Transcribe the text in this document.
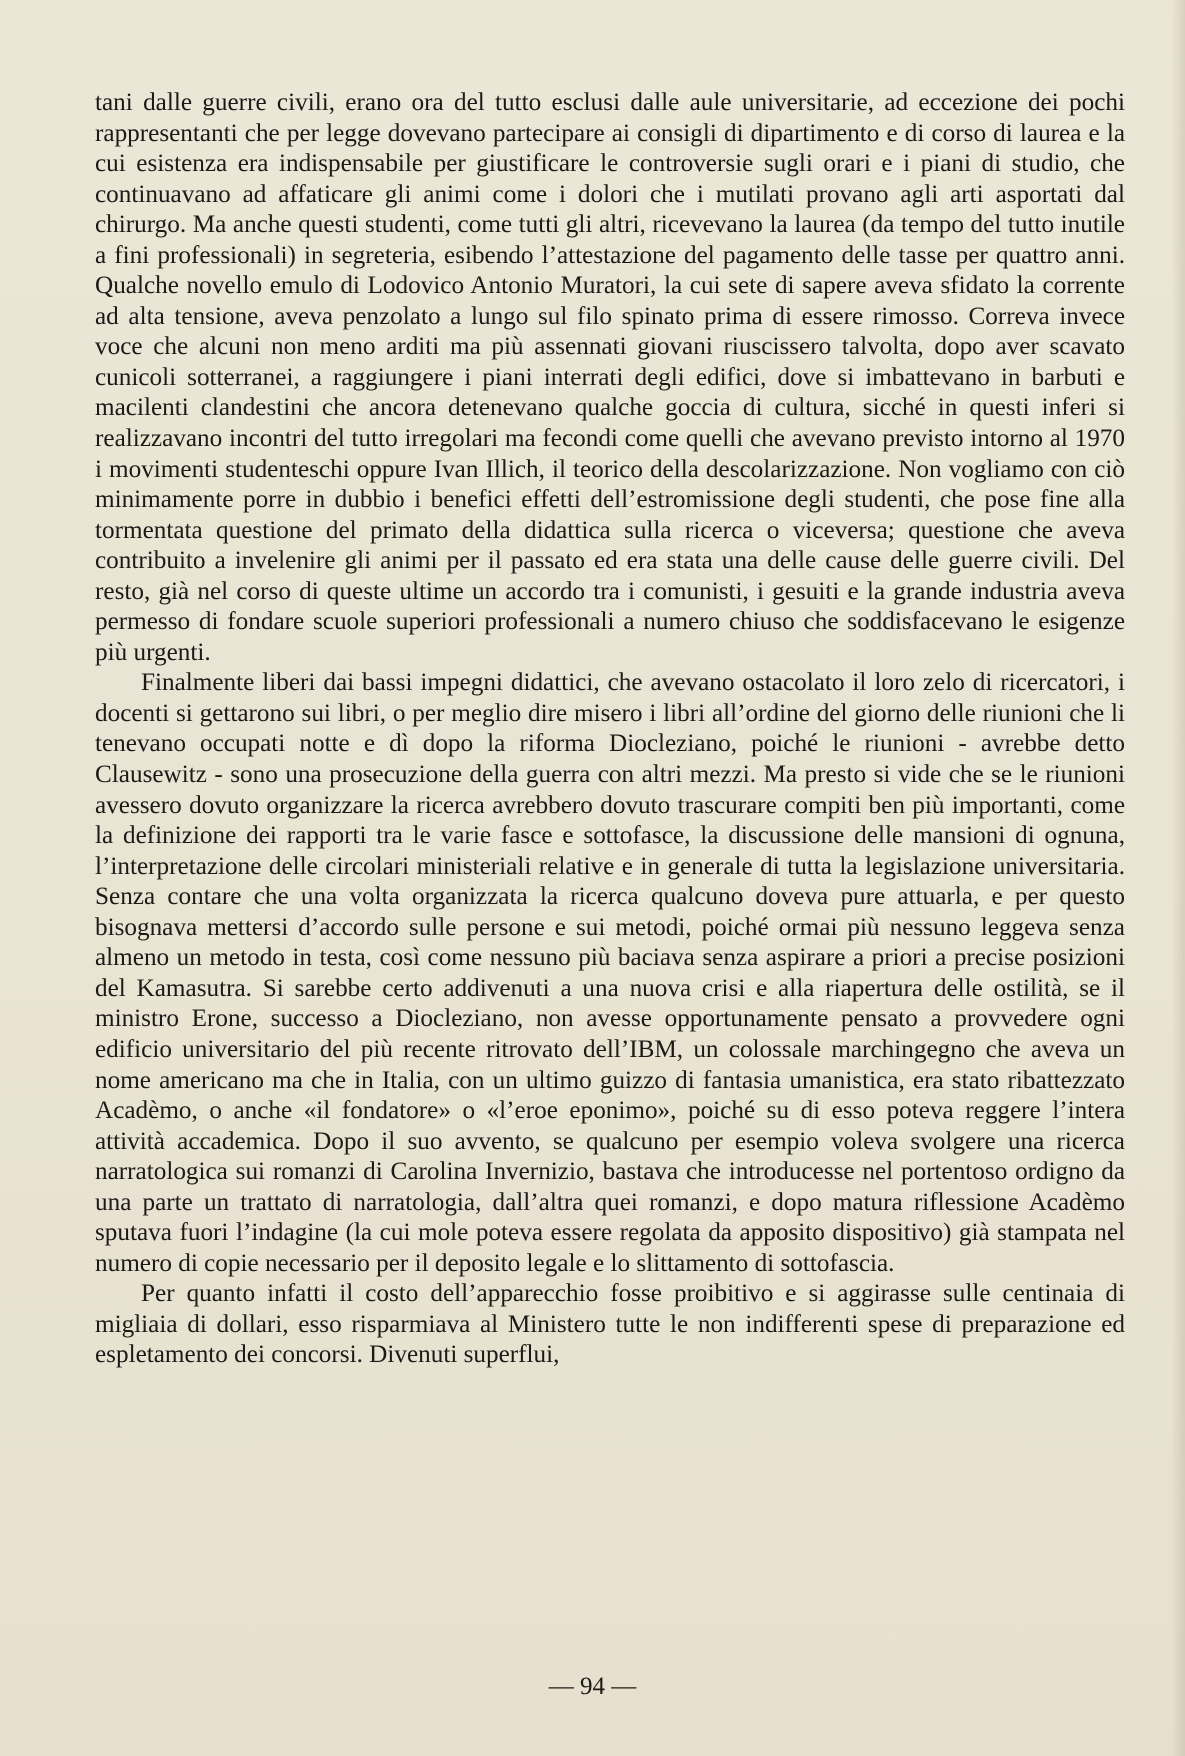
tani dalle guerre civili, erano ora del tutto esclusi dalle aule universitarie, ad eccezione dei pochi rappresentanti che per legge dovevano partecipare ai consigli di dipartimento e di corso di laurea e la cui esistenza era indispensabile per giustificare le controversie sugli orari e i piani di studio, che continuavano ad affaticare gli animi come i dolori che i mutilati provano agli arti asportati dal chirurgo. Ma anche questi studenti, come tutti gli altri, ricevevano la laurea (da tempo del tutto inutile a fini professionali) in segreteria, esibendo l’attestazione del pagamento delle tasse per quattro anni. Qualche novello emulo di Lodovico Antonio Muratori, la cui sete di sapere aveva sfidato la corrente ad alta tensione, aveva penzolato a lungo sul filo spinato prima di essere rimosso. Correva invece voce che alcuni non meno arditi ma più assennati giovani riuscissero talvolta, dopo aver scavato cunicoli sotterranei, a raggiungere i piani interrati degli edifici, dove si imbattevano in barbuti e macilenti clandestini che ancora detenevano qualche goccia di cultura, sicché in questi inferi si realizzavano incontri del tutto irregolari ma fecondi come quelli che avevano previsto intorno al 1970 i movimenti studenteschi oppure Ivan Illich, il teorico della descolarizzazione. Non vogliamo con ciò minimamente porre in dubbio i benefici effetti dell’estromissione degli studenti, che pose fine alla tormentata questione del primato della didattica sulla ricerca o viceversa; questione che aveva contribuito a invelenire gli animi per il passato ed era stata una delle cause delle guerre civili. Del resto, già nel corso di queste ultime un accordo tra i comunisti, i gesuiti e la grande industria aveva permesso di fondare scuole superiori professionali a numero chiuso che soddisfacevano le esigenze più urgenti.

Finalmente liberi dai bassi impegni didattici, che avevano ostacolato il loro zelo di ricercatori, i docenti si gettarono sui libri, o per meglio dire misero i libri all’ordine del giorno delle riunioni che li tenevano occupati notte e dì dopo la riforma Diocleziano, poiché le riunioni - avrebbe detto Clausewitz - sono una prosecuzione della guerra con altri mezzi. Ma presto si vide che se le riunioni avessero dovuto organizzare la ricerca avrebbero dovuto trascurare compiti ben più importanti, come la definizione dei rapporti tra le varie fasce e sottofasce, la discussione delle mansioni di ognuna, l’interpretazione delle circolari ministeriali relative e in generale di tutta la legislazione universitaria. Senza contare che una volta organizzata la ricerca qualcuno doveva pure attuarla, e per questo bisognava mettersi d’accordo sulle persone e sui metodi, poiché ormai più nessuno leggeva senza almeno un metodo in testa, così come nessuno più baciava senza aspirare a priori a precise posizioni del Kamasutra. Si sarebbe certo addivenuti a una nuova crisi e alla riapertura delle ostilità, se il ministro Erone, successo a Diocleziano, non avesse opportunamente pensato a provvedere ogni edificio universitario del più recente ritrovato dell’IBM, un colossale marchingegno che aveva un nome americano ma che in Italia, con un ultimo guizzo di fantasia umanistica, era stato ribattezzato Acadèmo, o anche «il fondatore» o «l’eroe eponimo», poiché su di esso poteva reggere l’intera attività accademica. Dopo il suo avvento, se qualcuno per esempio voleva svolgere una ricerca narratologica sui romanzi di Carolina Invernizio, bastava che introducesse nel portentoso ordigno da una parte un trattato di narratologia, dall’altra quei romanzi, e dopo matura riflessione Acadèmo sputava fuori l’indagine (la cui mole poteva essere regolata da apposito dispositivo) già stampata nel numero di copie necessario per il deposito legale e lo slittamento di sottofascia.

Per quanto infatti il costo dell’apparecchio fosse proibitivo e si aggirasse sulle centinaia di migliaia di dollari, esso risparmiava al Ministero tutte le non indifferenti spese di preparazione ed espletamento dei concorsi. Divenuti superflui,

— 94 —
